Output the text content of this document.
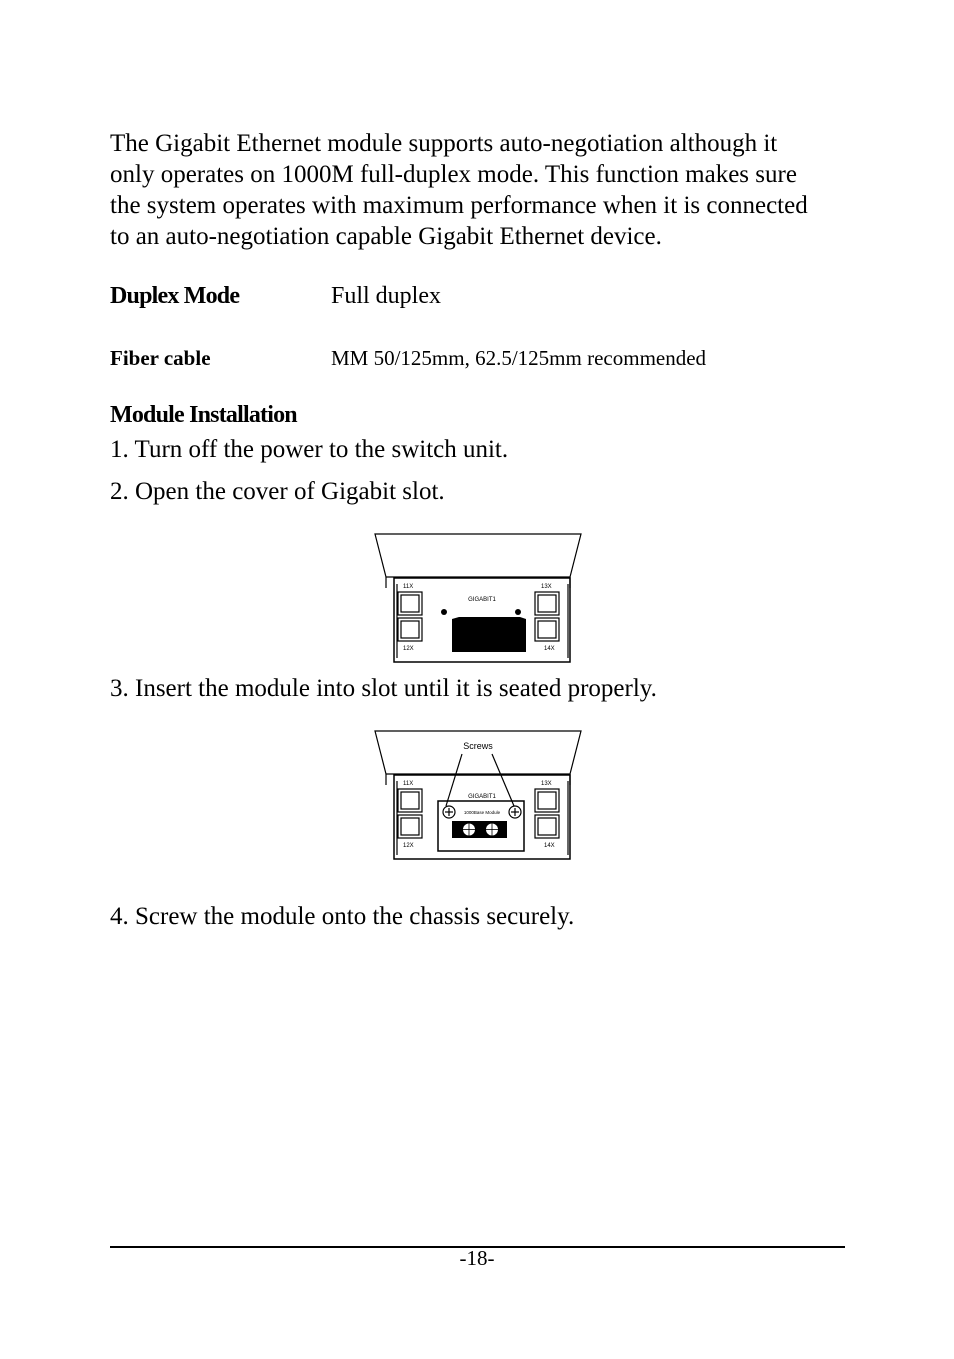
The Gigabit Ethernet module supports auto-negotiation although it
only operates on 1000M full-duplex mode. This function makes sure
the system operates with maximum performance when it is connected
to an auto-negotiation capable Gigabit Ethernet device.

Duplex Mode	Full duplex

Fiber cable	MM 50/125mm, 62.5/125mm recommended

Module Installation

1. Turn off the power to the switch unit.

2. Open the cover of Gigabit slot.

11X
12X
13X
14X
GIGABIT1

3. Insert the module into slot until it is seated properly.

Screws
11X
12X
13X
14X
GIGABIT1
1000Base Module

4. Screw the module onto the chassis securely.

-18-
